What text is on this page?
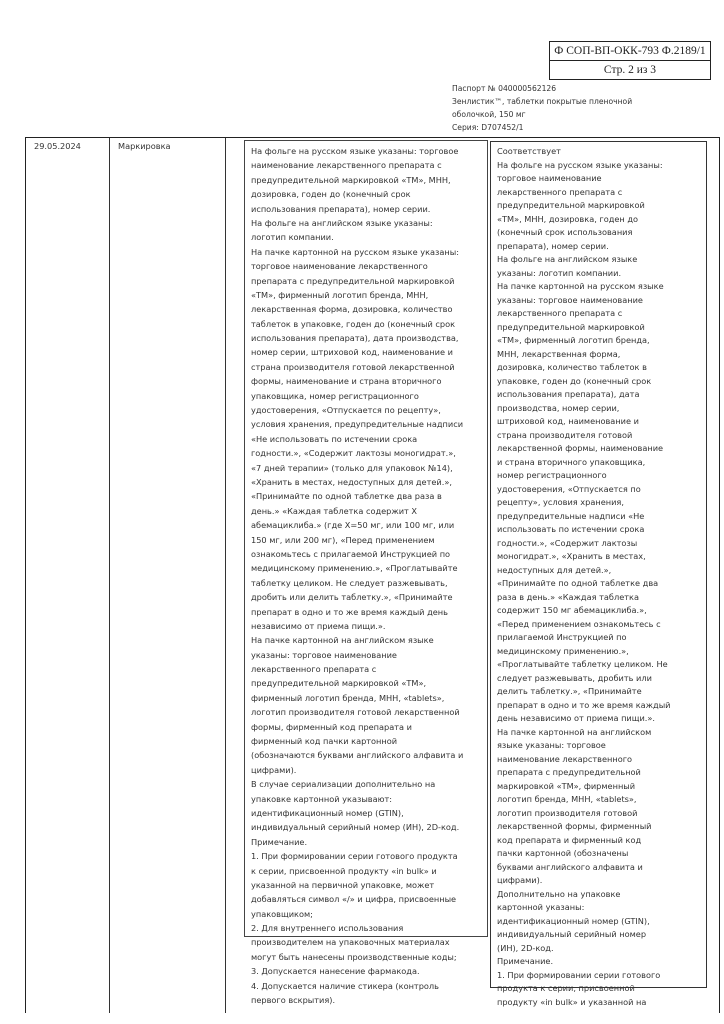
Ф СОП-ВП-ОКК-793 Ф.2189/1
Стр. 2 из 3
Паспорт № 040000562126
Зенлистик™, таблетки покрытые пленочной
оболочкой, 150 мг
Серия: D707452/1
29.05.2024	Маркировка	На фольге на русском языке указаны: торговое
наименование лекарственного препарата с
предупредительной маркировкой «ТМ», МНН,
дозировка, годен до (конечный срок
использования препарата), номер серии.
На фольге на английском языке указаны:
логотип компании.
На пачке картонной на русском языке указаны:
торговое наименование лекарственного
препарата с предупредительной маркировкой
«ТМ», фирменный логотип бренда, МНН,
лекарственная форма, дозировка, количество
таблеток в упаковке, годен до (конечный срок
использования препарата), дата производства,
номер серии, штриховой код, наименование и
страна производителя готовой лекарственной
формы, наименование и страна вторичного
упаковщика, номер регистрационного
удостоверения, «Отпускается по рецепту»,
условия хранения, предупредительные надписи
«Не использовать по истечении срока
годности.», «Содержит лактозы моногидрат.»,
«7 дней терапии» (только для упаковок №14),
«Хранить в местах, недоступных для детей.»,
«Принимайте по одной таблетке два раза в
день.» «Каждая таблетка содержит X
абемациклиба.» (где X=50 мг, или 100 мг, или
150 мг, или 200 мг), «Перед применением
ознакомьтесь с прилагаемой Инструкцией по
медицинскому применению.», «Проглатывайте
таблетку целиком. Не следует разжевывать,
дробить или делить таблетку.», «Принимайте
препарат в одно и то же время каждый день
независимо от приема пищи.».
На пачке картонной на английском языке
указаны: торговое наименование
лекарственного препарата с
предупредительной маркировкой «ТМ»,
фирменный логотип бренда, МНН, «tablets»,
логотип производителя готовой лекарственной
формы, фирменный код препарата и
фирменный код пачки картонной
(обозначаются буквами английского алфавита и
цифрами).
В случае сериализации дополнительно на
упаковке картонной указывают:
идентификационный номер (GTIN),
индивидуальный серийный номер (ИН), 2D-код.
Примечание.
1. При формировании серии готового продукта
к серии, присвоенной продукту «in bulk» и
указанной на первичной упаковке, может
добавляться символ «/» и цифра, присвоенные
упаковщиком;
2. Для внутреннего использования
производителем на упаковочных материалах
могут быть нанесены производственные коды;
3. Допускается нанесение фармакода.
4. Допускается наличие стикера (контроль
первого вскрытия).
Соответствует
На фольге на русском языке указаны:
торговое наименование
лекарственного препарата с
предупредительной маркировкой
«ТМ», МНН, дозировка, годен до
(конечный срок использования
препарата), номер серии.
На фольге на английском языке
указаны: логотип компании.
На пачке картонной на русском языке
указаны: торговое наименование
лекарственного препарата с
предупредительной маркировкой
«ТМ», фирменный логотип бренда,
МНН, лекарственная форма,
дозировка, количество таблеток в
упаковке, годен до (конечный срок
использования препарата), дата
производства, номер серии,
штриховой код, наименование и
страна производителя готовой
лекарственной формы, наименование
и страна вторичного упаковщика,
номер регистрационного
удостоверения, «Отпускается по
рецепту», условия хранения,
предупредительные надписи «Не
использовать по истечении срока
годности.», «Содержит лактозы
моногидрат.», «Хранить в местах,
недоступных для детей.»,
«Принимайте по одной таблетке два
раза в день.» «Каждая таблетка
содержит 150 мг абемациклиба.»,
«Перед применением ознакомьтесь с
прилагаемой Инструкцией по
медицинскому применению.»,
«Проглатывайте таблетку целиком. Не
следует разжевывать, дробить или
делить таблетку.», «Принимайте
препарат в одно и то же время каждый
день независимо от приема пищи.».
На пачке картонной на английском
языке указаны: торговое
наименование лекарственного
препарата с предупредительной
маркировкой «ТМ», фирменный
логотип бренда, МНН, «tablets»,
логотип производителя готовой
лекарственной формы, фирменный
код препарата и фирменный код
пачки картонной (обозначены
буквами английского алфавита и
цифрами).
Дополнительно на упаковке
картонной указаны:
идентификационный номер (GTIN),
индивидуальный серийный номер
(ИН), 2D-код.
Примечание.
1. При формировании серии готового
продукта к серии, присвоенной
продукту «in bulk» и указанной на
